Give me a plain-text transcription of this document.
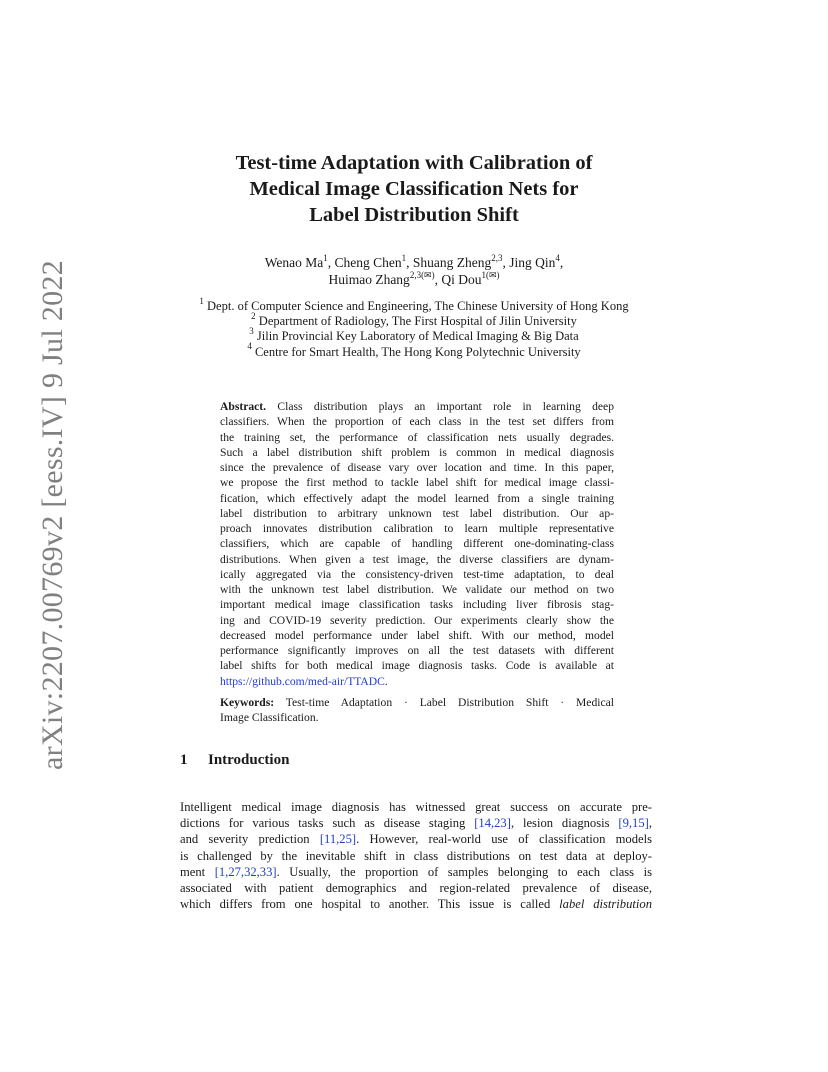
arXiv:2207.00769v2 [eess.IV] 9 Jul 2022
Test-time Adaptation with Calibration of
Medical Image Classification Nets for
Label Distribution Shift
Wenao Ma$^1$, Cheng Chen$^1$, Shuang Zheng$^{2,3}$, Jing Qin$^4$,
Huimao Zhang$^{2,3(✉)}$, Qi Dou$^{1(✉)}$
$^1$ Dept. of Computer Science and Engineering, The Chinese University of Hong Kong
$^2$ Department of Radiology, The First Hospital of Jilin University
$^3$ Jilin Provincial Key Laboratory of Medical Imaging & Big Data
$^4$ Centre for Smart Health, The Hong Kong Polytechnic University
Abstract. Class distribution plays an important role in learning deep
classifiers. When the proportion of each class in the test set differs from
the training set, the performance of classification nets usually degrades.
Such a label distribution shift problem is common in medical diagnosis
since the prevalence of disease vary over location and time. In this paper,
we propose the first method to tackle label shift for medical image classi-
fication, which effectively adapt the model learned from a single training
label distribution to arbitrary unknown test label distribution. Our ap-
proach innovates distribution calibration to learn multiple representative
classifiers, which are capable of handling different one-dominating-class
distributions. When given a test image, the diverse classifiers are dynam-
ically aggregated via the consistency-driven test-time adaptation, to deal
with the unknown test label distribution. We validate our method on two
important medical image classification tasks including liver fibrosis stag-
ing and COVID-19 severity prediction. Our experiments clearly show the
decreased model performance under label shift. With our method, model
performance significantly improves on all the test datasets with different
label shifts for both medical image diagnosis tasks. Code is available at
https://github.com/med-air/TTADC.
Keywords: Test-time Adaptation · Label Distribution Shift · Medical
Image Classification.
1 Introduction
Intelligent medical image diagnosis has witnessed great success on accurate pre-
dictions for various tasks such as disease staging [14,23], lesion diagnosis [9,15],
and severity prediction [11,25]. However, real-world use of classification models
is challenged by the inevitable shift in class distributions on test data at deploy-
ment [1,27,32,33]. Usually, the proportion of samples belonging to each class is
associated with patient demographics and region-related prevalence of disease,
which differs from one hospital to another. This issue is called label distribution
